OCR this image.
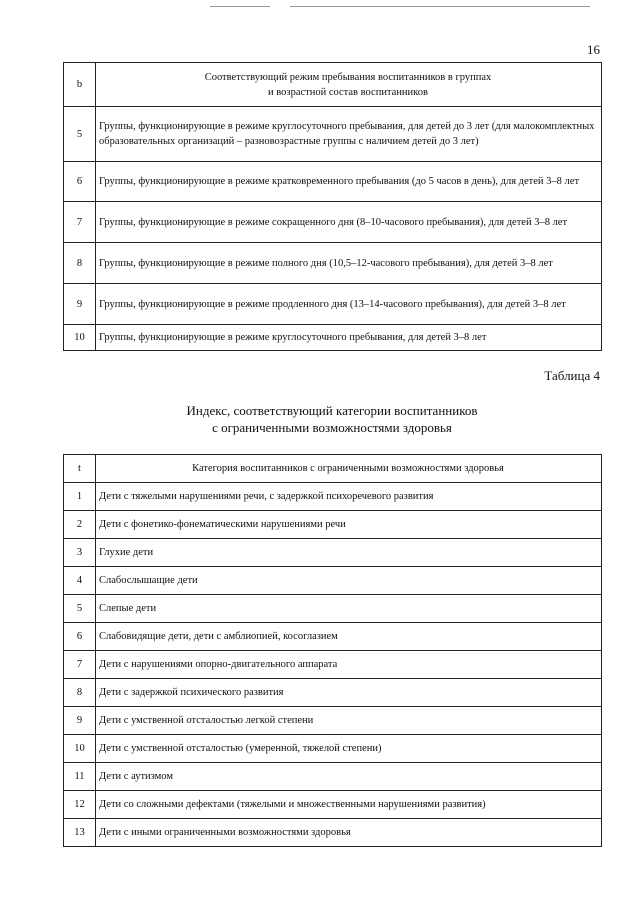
16
b	Соответствующий режим пребывания воспитанников в группах
и возрастной состав воспитанников

5	Группы, функционирующие в режиме круглосуточного пребывания, для детей до 3 лет (для малокомплектных образовательных организаций – разновозрастные группы с наличием детей до 3 лет)
6	Группы, функционирующие в режиме кратковременного пребывания (до 5 часов в день), для детей 3–8 лет
7	Группы, функционирующие в режиме сокращенного дня (8–10-часового пребывания), для детей 3–8 лет
8	Группы, функционирующие в режиме полного дня (10,5–12-часового пребывания), для детей 3–8 лет
9	Группы, функционирующие в режиме продленного дня (13–14-часового пребывания), для детей 3–8 лет
10	Группы, функционирующие в режиме круглосуточного пребывания, для детей 3–8 лет
Таблица 4
Индекс, соответствующий категории воспитанников
с ограниченными возможностями здоровья
t	Категория воспитанников с ограниченными возможностями здоровья
1	Дети с тяжелыми нарушениями речи, с задержкой психоречевого развития
2	Дети с фонетико-фонематическими нарушениями речи
3	Глухие дети
4	Слабослышащие дети
5	Слепые дети
6	Слабовидящие дети, дети с амблиопией, косоглазием
7	Дети с нарушениями опорно-двигательного аппарата
8	Дети с задержкой психического развития
9	Дети с умственной отсталостью легкой степени
10	Дети с умственной отсталостью (умеренной, тяжелой степени)
11	Дети с аутизмом
12	Дети со сложными дефектами (тяжелыми и множественными нарушениями развития)
13	Дети с иными ограниченными возможностями здоровья
